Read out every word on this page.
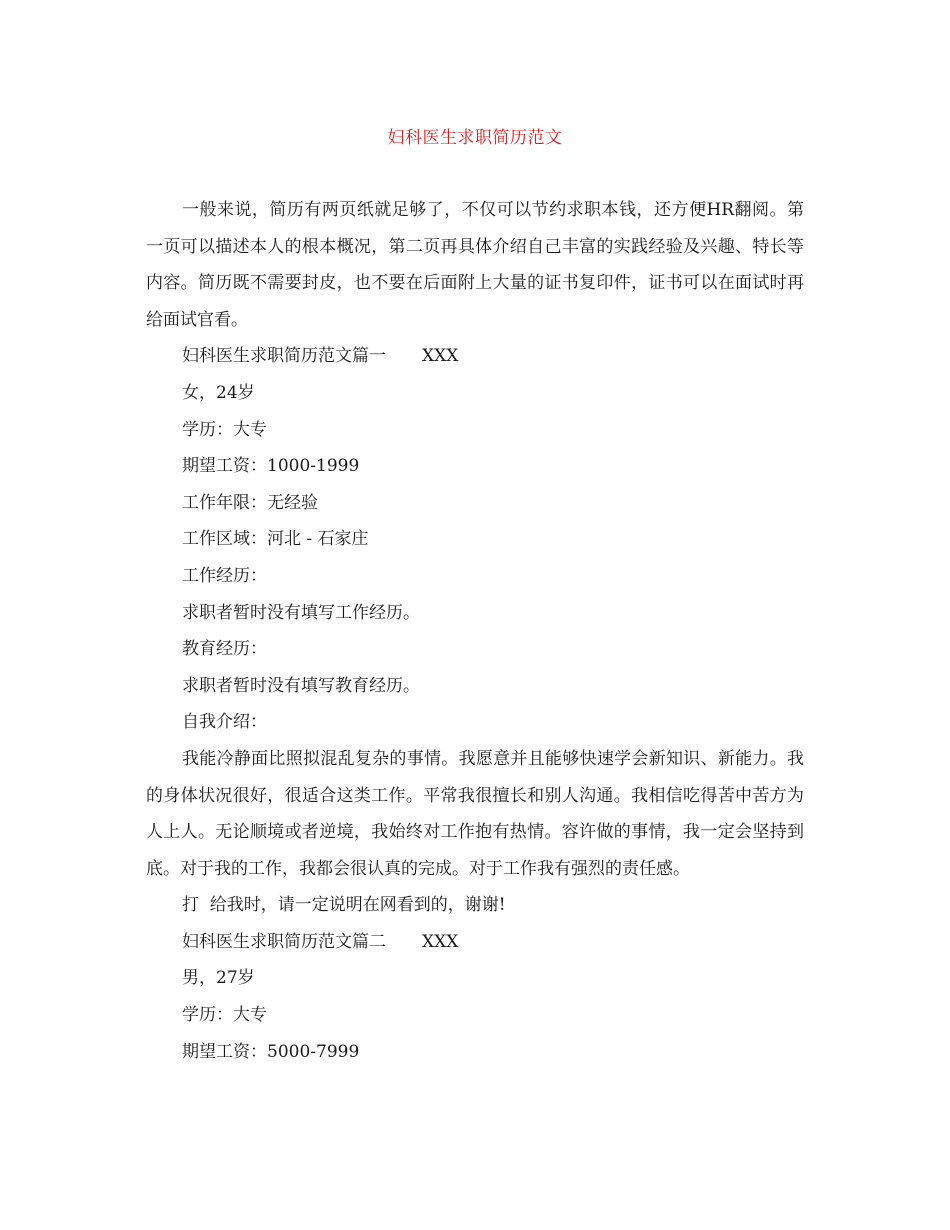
妇科医生求职简历范文

一般来说，简历有两页纸就足够了，不仅可以节约求职本钱，还方便HR翻阅。第一页可以描述本人的根本概况，第二页再具体介绍自己丰富的实践经验及兴趣、特长等内容。简历既不需要封皮，也不要在后面附上大量的证书复印件，证书可以在面试时再给面试官看。

妇科医生求职简历范文篇一 XXX
女，24岁
学历：大专
期望工资：1000-1999
工作年限：无经验
工作区域：河北 - 石家庄
工作经历：
求职者暂时没有填写工作经历。
教育经历：
求职者暂时没有填写教育经历。
自我介绍：

我能冷静面比照拟混乱复杂的事情。我愿意并且能够快速学会新知识、新能力。我的身体状况很好，很适合这类工作。平常我很擅长和别人沟通。我相信吃得苦中苦方为人上人。无论顺境或者逆境，我始终对工作抱有热情。容许做的事情，我一定会坚持到底。对于我的工作，我都会很认真的完成。对于工作我有强烈的责任感。

打  给我时，请一定说明在网看到的，谢谢!
妇科医生求职简历范文篇二 XXX
男，27岁
学历：大专
期望工资：5000-7999
